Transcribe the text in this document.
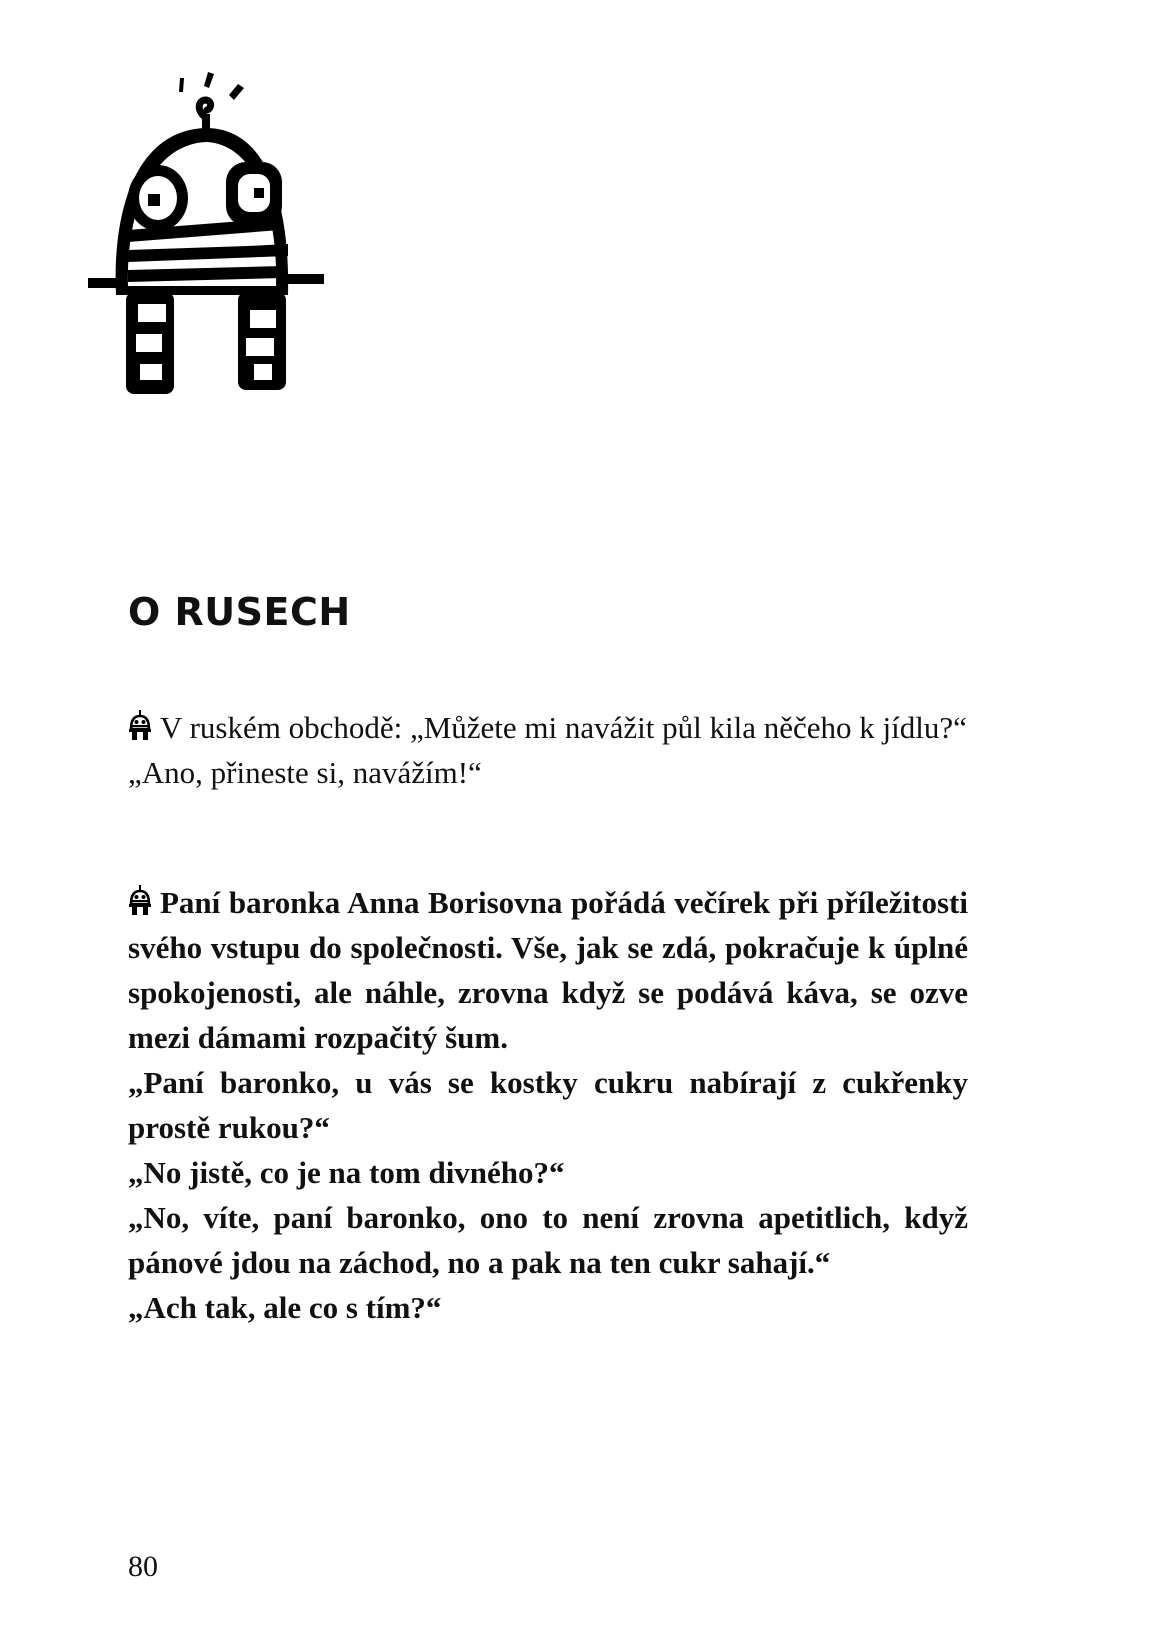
O RUSECH

V ruském obchodě: „Můžete mi navážit půl kila něčeho k jídlu?“

„Ano, přineste si, navážím!“

Paní baronka Anna Borisovna pořádá večírek při příležitosti svého vstupu do společnosti. Vše, jak se zdá, pokračuje k úplné spokojenosti, ale náhle, zrovna když se podává káva, se ozve mezi dámami rozpačitý šum.

„Paní baronko, u vás se kostky cukru nabírají z cukřenky prostě rukou?“

„No jistě, co je na tom divného?“

„No, víte, paní baronko, ono to není zrovna apetitlich, když pánové jdou na záchod, no a pak na ten cukr sahají.“

„Ach tak, ale co s tím?“

80
